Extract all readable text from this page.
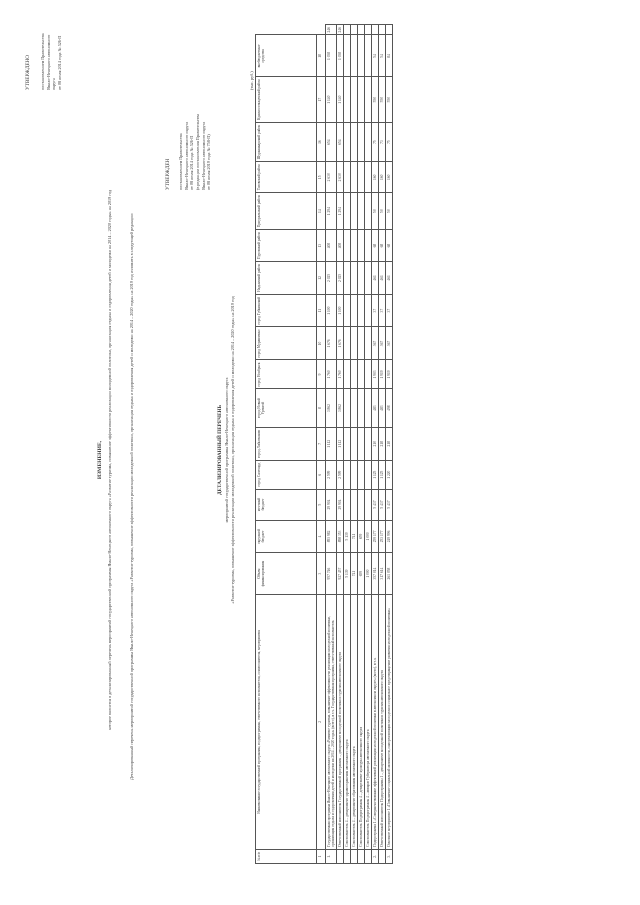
УТВЕРЖДЕНО постановлением Правительства Ямало-Ненецкого автономного округа от 08 июля 2014 года № 526-П
ИЗМЕНЕНИЕ, которое вносится в детализированный перечень мероприятий государственной программы Ямало-Ненецкого автономного округа «Развитие туризма, повышение эффективности реализации молодежной политики, организация отдыха и оздоровления детей и молодежи на 2014 – 2020 годы» на 2019 год	Детализированный перечень мероприятий государственной программы Ямало-Ненецкого автономного округа «Развитие туризма, повышение эффективности реализации молодежной политики, организация отдыха и оздоровления детей и молодежи на 2014 – 2020 годы» на 2019 год изложить в следующей редакции:
УТВЕРЖДЕН постановлением Правительства Ямало-Ненецкого автономного округа от 08 июля 2014 года № 526-П (в редакции постановления Правительства Ямало-Ненецкого автономного округа от 08 июля 2019 года № 758-П)
ДЕТАЛИЗИРОВАННЫЙ ПЕРЕЧЕНЬ мероприятий государственной программы Ямало-Ненецкого автономного округа «Развитие туризма, повышение эффективности реализации молодежной политики, организация отдыха и оздоровления детей и молодежи на 2014 – 2020 годы» на 2019 год
(тыс. руб.)
№ п/п	Наименование государственной программы, подпрограммы, ответственного исполнителя, соисполнителя, мероприятия	Объем финансирования	окружной бюджет	местный бюджет	город Салехард	город Лабытнанги	город Новый Уренгой	город Ноябрьск	город Муравленко	город Губкинский	Надымский район	Пуровский район	Приуральский район	Тазовский район	Шурышкарский район	Красноселькупский район	внебюджетные средства	
1	2	3	4	5	6	7	8	9	10	11	12	13	14	15	16	17	18	
1.	Государственная программа Ямало-Ненецкого автономного округа «Развитие туризма, повышение эффективности реализации молодежной политики, организация отдыха и оздоровления детей и молодежи на 2014 – 2020 годы» (всего), в т.ч. Государственная программа, ответственный исполнитель	957 746	893 982	29 904	2 599	1 112	3 862	1 760	1 676	1 100	2 025	408	1 294	2 630	654	1 140	1 038	246
	Ответственный исполнитель Государственной программы – департамент молодежной политики и туризма автономного округа	927 457	898 353	29 904	2 599	1 112	3 862	1 760	1 676	1 100	2 025	408	1 294	2 630	654	1 140	1 038	246
	Соисполнитель 4 – департамент здравоохранения автономного округа	5 139	5 139															
	Соисполнитель 4 – департамент образования автономного округа	741	741															
	Соисполнитель Подпрограммы 4 – департамент культуры автономного округа	659	659															
	Соисполнитель Подпрограммы 4 – аппарат Губернатора автономного округа	1 000	1 000															
2.	Подпрограмма 1 «Совершенствование эффективной реализации молодежной политики в автономном округе» (всего), в т.ч.	357 014	259 177	5 437	1 125	210	483	1 903	367	37	461	68	50	160	75	550	54	
	Ответственный исполнитель Подпрограммы 1 – департамент молодежной политики и туризма автономного округа	317 614	253 177	5 437	1 125	218	483	1 919	367	37	461	68	50	160	73	550	54	
3.	Основное мероприятие 1 «Повышение социальной активности, самореализации молодежи и социальное предотвращение развития молодежной политики»	261 058	249 996	5 437	1 220	218	498	1 919	367	37	461	68	50	160	75	550	84	
